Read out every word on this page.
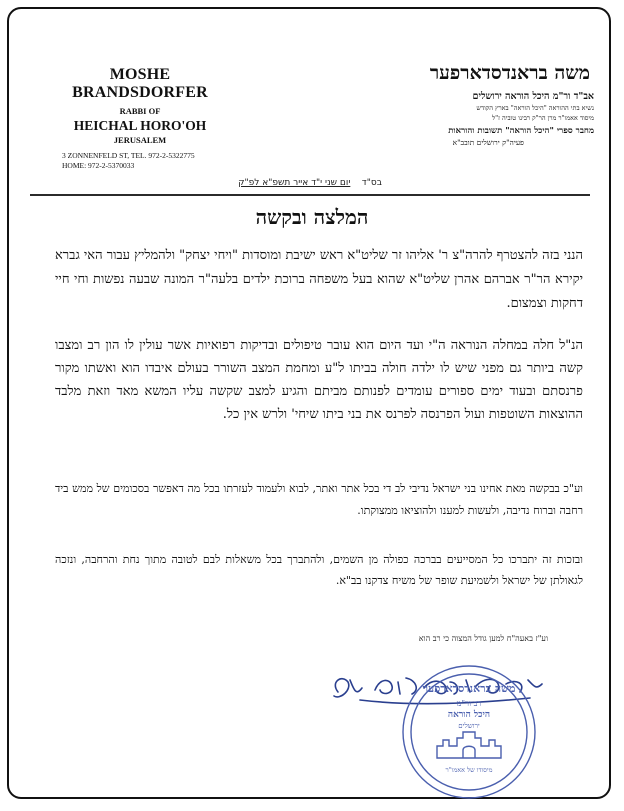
MOSHE BRANDSDORFER
RABBI OF
HEICHAL HORO'OH
JERUSALEM
3 ZONNENFELD ST, TEL. 972-2-5322775
HOME: 972-2-5370033
משה בראנדסדארפער
אב"ד ור"מ היכל הוראה ירושלים
נשיא בתי ההוראה "היכל הוראה" בארץ הקודש
מיסוד אאמו"ר מרן הר"ק רבינו טוביה ז"ל
מחבר ספרי "היכל הוראה" תשובות והוראות
פעיה"ק ירושלים תובב"א
בס"ד    יום שני י"ד אייר תשפ"א לפ"ק
המלצה ובקשה
הנני בזה להצטרף להרה"צ ר' אליהו זר שליט"א ראש ישיבת ומוסדות "ויחי יצחק" ולהמליץ עבור האי גברא יקירא הר"ר אברהם אהרן שליט"א שהוא בעל משפחה ברוכת ילדים בלעה"ר המונה שבעה נפשות וחי חיי דחקות וצמצום.
הנ"ל חלה במחלה הנוראה ה"י ועד היום הוא עובר טיפולים ובדיקות רפואיות אשר עולין לו הון רב ומצבו קשה ביותר גם מפני שיש לו ילדה חולה בביתו ל"ע ומחמת המצב השורר בעולם איבדו הוא ואשתו מקור פרנסתם ובעוד ימים ספורים עומדים לפנותם מביתם והגיע למצב שקשה עליו המשא מאד וזאת מלבד ההוצאות השוטפות ועול הפרנסה לפרנס את בני ביתו שיחי' ולרש אין כל.
וע"כ בבקשה מאת אחינו בני ישראל נדיבי לב די בכל אתר ואתר, לבוא ולעמוד לעזרתו בכל מה דאפשר בסכומים של ממש ביד רחבה וברוח נדיבה, ולעשות למענו ולהוציאו ממצוקתו.
ובזכות זה יתברכו כל המסייעים בברכה כפולה מן השמים, ולהתברך בכל משאלות לבם לטובה מתוך נחת והרחבה, ונזכה לגאולתן של ישראל ולשמיעת שופר של משיח צדקנו בב"א.
וע"ז באעה"ח למען גודל המצוה כי רב הוא
משה בראנדסדארפער
רב ור"מ
היכל הוראה
ירושלים
מיסודו של אאמו"ר
